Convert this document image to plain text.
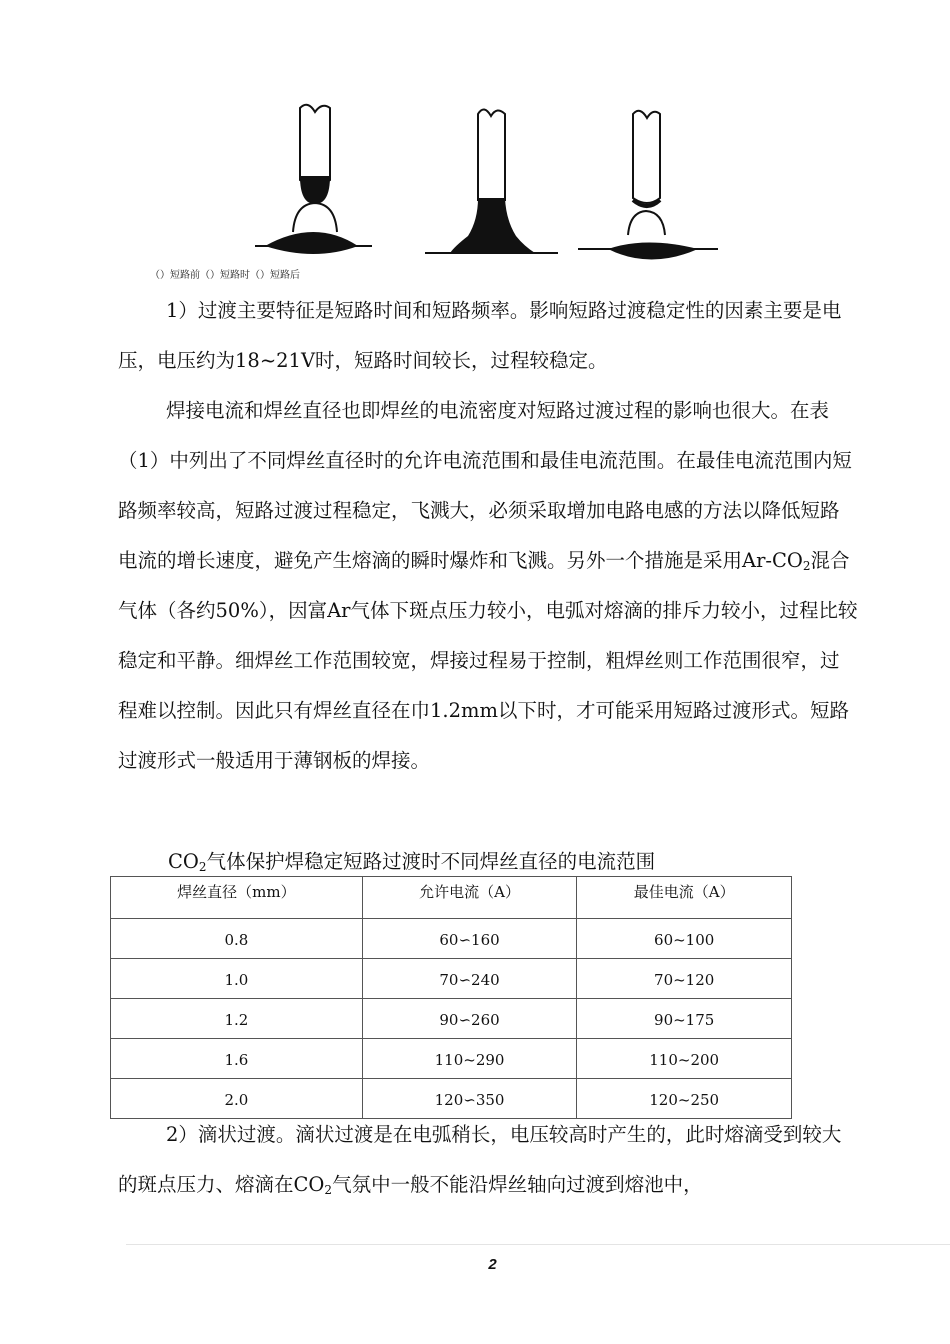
（）短路前（）短路时（）短路后

1）过渡主要特征是短路时间和短路频率。影响短路过渡稳定性的因素主要是电压，电压约为18~21V时，短路时间较长，过程较稳定。

焊接电流和焊丝直径也即焊丝的电流密度对短路过渡过程的影响也很大。在表（1）中列出了不同焊丝直径时的允许电流范围和最佳电流范围。在最佳电流范围内短路频率较高，短路过渡过程稳定，飞溅大，必须采取增加电路电感的方法以降低短路电流的增长速度，避免产生熔滴的瞬时爆炸和飞溅。另外一个措施是采用$Ar-CO_2$混合气体（各约50%），因富Ar气体下斑点压力较小，电弧对熔滴的排斥力较小，过程比较稳定和平静。细焊丝工作范围较宽，焊接过程易于控制，粗焊丝则工作范围很窄，过程难以控制。因此只有焊丝直径在巾1.2mm以下时，才可能采用短路过渡形式。短路过渡形式一般适用于薄钢板的焊接。

$CO_2$气体保护焊稳定短路过渡时不同焊丝直径的电流范围
焊丝直径（mm）	允许电流（A）	最佳电流（A）
0.8	60∽160	60~100
1.0	70∽240	70~120
1.2	90∽260	90~175
1.6	110~290	110~200
2.0	120∽350	120~250

2）滴状过渡。滴状过渡是在电弧稍长，电压较高时产生的，此时熔滴受到较大的斑点压力、熔滴在$CO_2$气氛中一般不能沿焊丝轴向过渡到熔池中，

2
